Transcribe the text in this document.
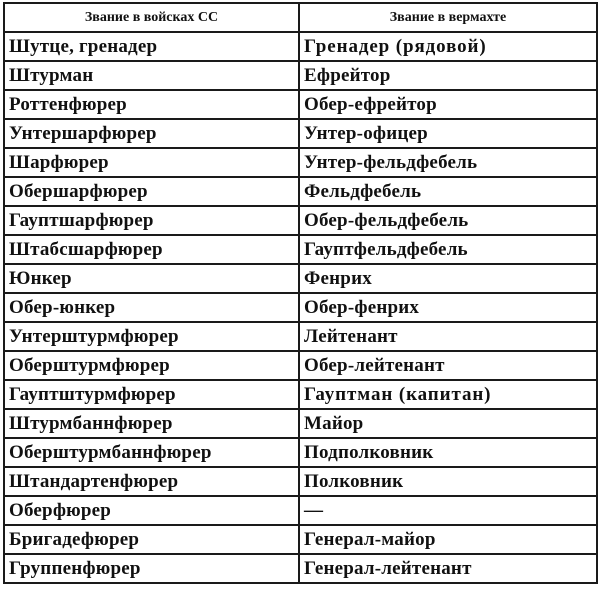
Звание в войсках СС	Звание в вермахте
Шутце, гренадер	Гренадер (рядовой)
Штурман	Ефрейтор
Роттенфюрер	Обер-ефрейтор
Унтершарфюрер	Унтер-офицер
Шарфюрер	Унтер-фельдфебель
Обершарфюрер	Фельдфебель
Гауптшарфюрер	Обер-фельдфебель
Штабсшарфюрер	Гауптфельдфебель
Юнкер	Фенрих
Обер-юнкер	Обер-фенрих
Унтерштурмфюрер	Лейтенант
Оберштурмфюрер	Обер-лейтенант
Гауптштурмфюрер	Гауптман (капитан)
Штурмбаннфюрер	Майор
Оберштурмбаннфюрер	Подполковник
Штандартенфюрер	Полковник
Оберфюрер	—
Бригадефюрер	Генерал-майор
Группенфюрер	Генерал-лейтенант
